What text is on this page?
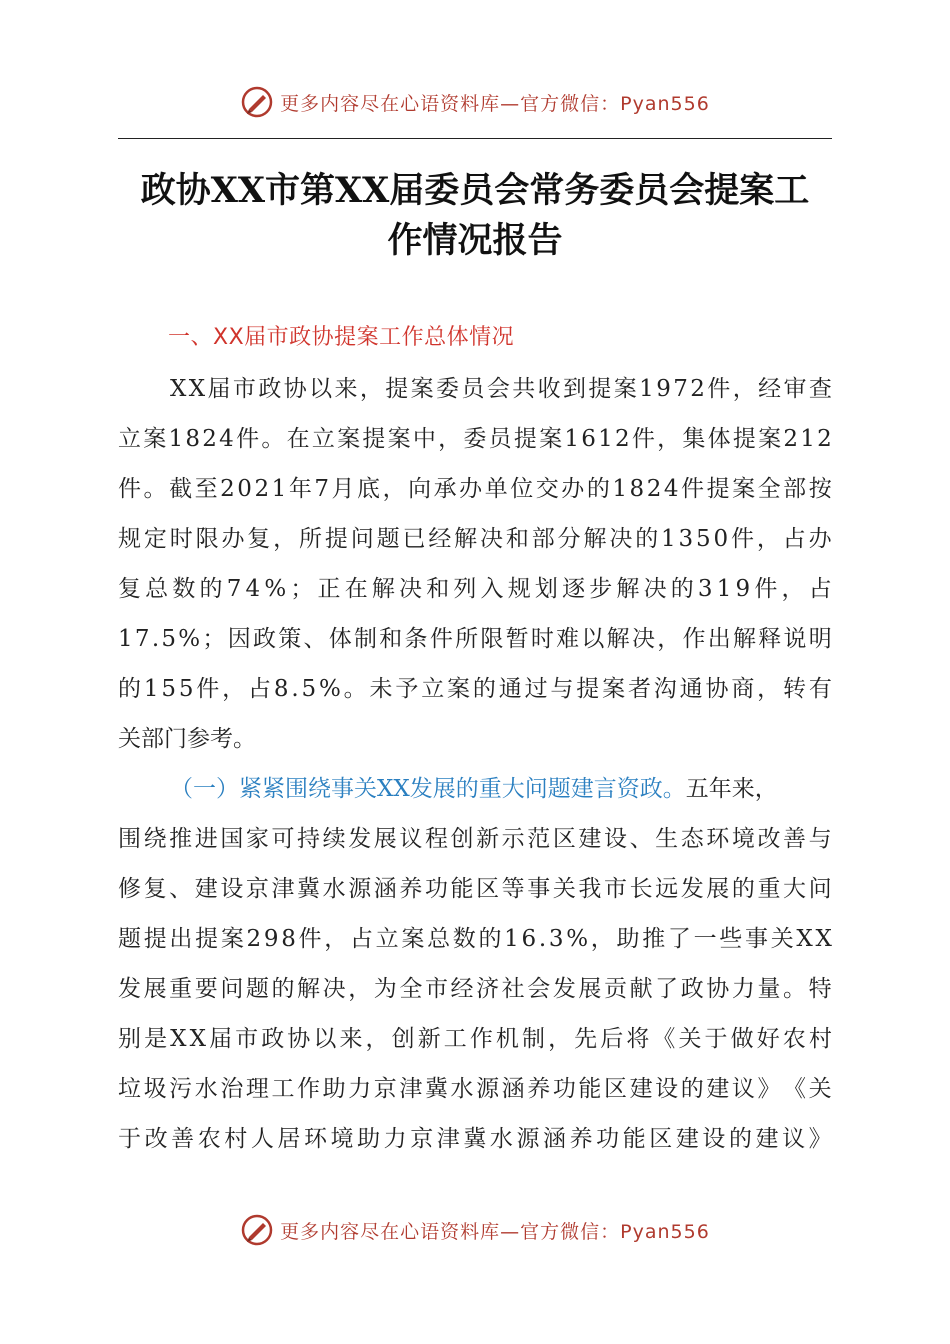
更多内容尽在心语资料库—官方微信：Pyan556
政协XX市第XX届委员会常务委员会提案工
作情况报告
一、XX届市政协提案工作总体情况
X X 届 市 政 协 以 来 ， 提 案 委 员 会 共 收 到 提 案 1 9 7 2 件 ， 经 审 查
立 案 1 8 2 4 件 。 在 立 案 提 案 中 ， 委 员 提 案 1 6 1 2 件 ， 集 体 提 案 2 1 2
件 。 截 至 2 0 2 1 年 7 月 底 ， 向 承 办 单 位 交 办 的 1 8 2 4 件 提 案 全 部 按
规 定 时 限 办 复 ， 所 提 问 题 已 经 解 决 和 部 分 解 决 的 1 3 5 0 件 ， 占 办
复 总 数 的 7 4 % ； 正 在 解 决 和 列 入 规 划 逐 步 解 决 的 3 1 9 件 ， 占
1 7 . 5 % ； 因 政 策 、 体 制 和 条 件 所 限 暂 时 难 以 解 决 ， 作 出 解 释 说 明
的 1 5 5 件 ， 占 8 . 5 % 。 未 予 立 案 的 通 过 与 提 案 者 沟 通 协 商 ， 转 有
关部门参考。
（一）紧紧围绕事关XX发展的重大问题建言资政。 五年来，
围 绕 推 进 国 家 可 持 续 发 展 议 程 创 新 示 范 区 建 设 、 生 态 环 境 改 善 与
修 复 、 建 设 京 津 冀 水 源 涵 养 功 能 区 等 事 关 我 市 长 远 发 展 的 重 大 问
题 提 出 提 案 2 9 8 件 ， 占 立 案 总 数 的 1 6 . 3 % ， 助 推 了 一 些 事 关 X X
发 展 重 要 问 题 的 解 决 ， 为 全 市 经 济 社 会 发 展 贡 献 了 政 协 力 量 。 特
别 是 X X 届 市 政 协 以 来 ， 创 新 工 作 机 制 ， 先 后 将 《 关 于 做 好 农 村
垃 圾 污 水 治 理 工 作 助 力 京 津 冀 水 源 涵 养 功 能 区 建 设 的 建 议 》 《 关
于 改 善 农 村 人 居 环 境 助 力 京 津 冀 水 源 涵 养 功 能 区 建 设 的 建 议 》
更多内容尽在心语资料库—官方微信：Pyan556
